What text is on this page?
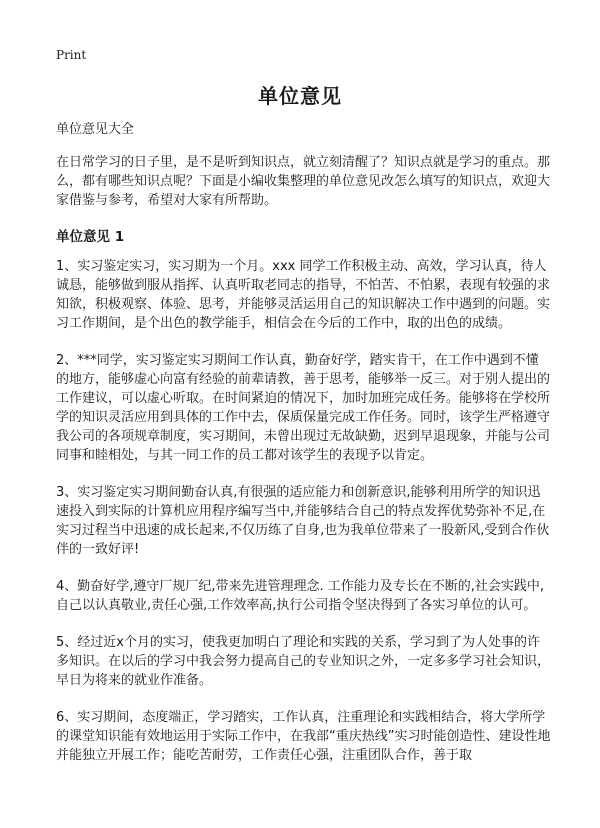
Print
单位意见

单位意见大全

在日常学习的日子里，是不是听到知识点，就立刻清醒了？知识点就是学习的重点。那么，都有哪些知识点呢？下面是小编收集整理的单位意见改怎么填写的知识点，欢迎大家借鉴与参考，希望对大家有所帮助。

单位意见 1

1、实习鉴定实习，实习期为一个月。xxx 同学工作积极主动、高效，学习认真，待人诚恳，能够做到服从指挥、认真听取老同志的指导，不怕苦、不怕累，表现有较强的求知欲，积极观察、体验、思考，并能够灵活运用自己的知识解决工作中遇到的问题。实习工作期间，是个出色的教学能手，相信会在今后的工作中，取的出色的成绩。

2、***同学，实习鉴定实习期间工作认真，勤奋好学，踏实肯干，在工作中遇到不懂的地方，能够虚心向富有经验的前辈请教，善于思考，能够举一反三。对于别人提出的工作建议，可以虚心听取。在时间紧迫的情况下，加时加班完成任务。能够将在学校所学的知识灵活应用到具体的工作中去，保质保量完成工作任务。同时，该学生严格遵守我公司的各项规章制度，实习期间，未曾出现过无故缺勤，迟到早退现象，并能与公司同事和睦相处，与其一同工作的员工都对该学生的表现予以肯定。

3、实习鉴定实习期间勤奋认真,有很强的适应能力和创新意识,能够利用所学的知识迅速投入到实际的计算机应用程序编写当中,并能够结合自己的特点发挥优势弥补不足,在实习过程当中迅速的成长起来,不仅历练了自身,也为我单位带来了一股新风,受到合作伙伴的一致好评!

4、勤奋好学,遵守厂规厂纪,带来先进管理理念. 工作能力及专长在不断的,社会实践中,自己以认真敬业,责任心强,工作效率高,执行公司指令坚决得到了各实习单位的认可。

5、经过近x个月的实习，使我更加明白了理论和实践的关系，学习到了为人处事的许多知识。在以后的学习中我会努力提高自己的专业知识之外，一定多多学习社会知识，早日为将来的就业作准备。

6、实习期间，态度端正，学习踏实，工作认真，注重理论和实践相结合，将大学所学的课堂知识能有效地运用于实际工作中，在我部“重庆热线”实习时能创造性、建设性地并能独立开展工作；能吃苦耐劳，工作责任心强，注重团队合作，善于取
